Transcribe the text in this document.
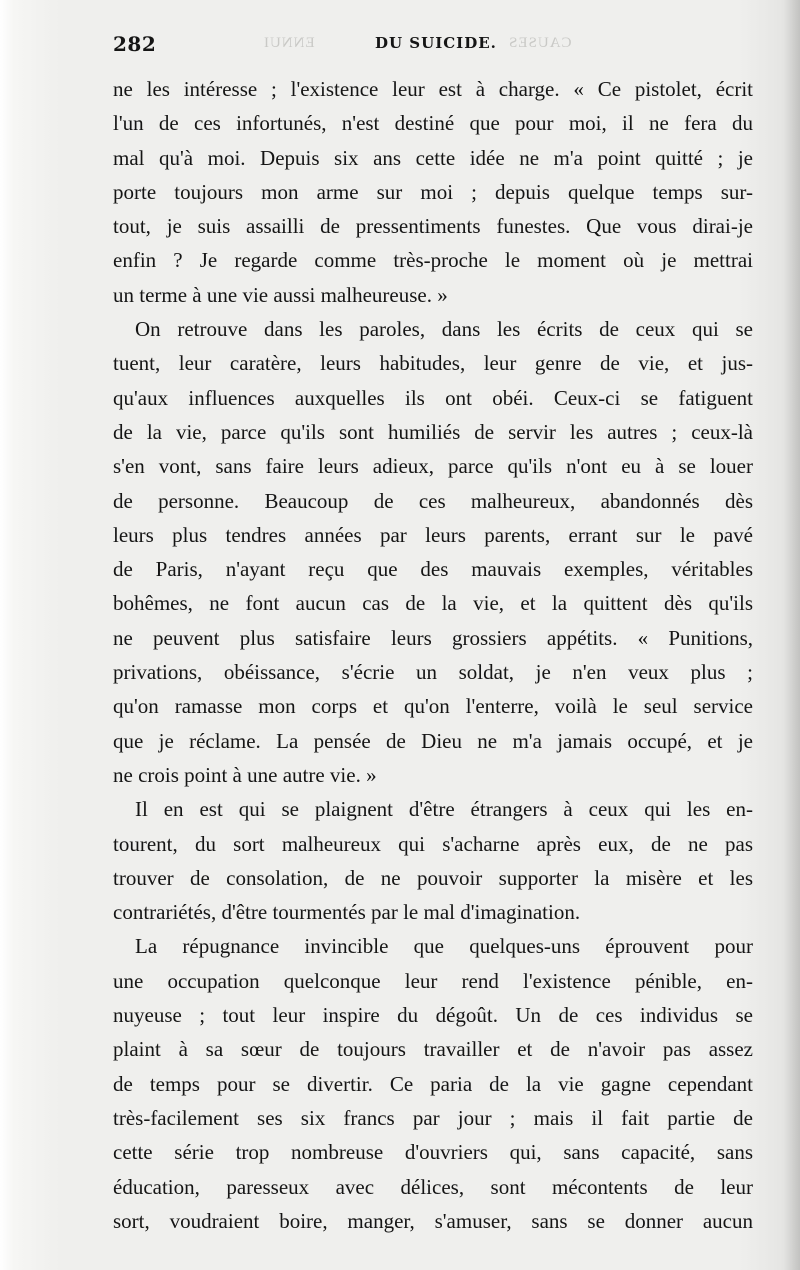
ENNUI	CAUSES
282	DU SUICIDE.
ne les intéresse ; l'existence leur est à charge. « Ce pistolet, écrit
l'un de ces infortunés, n'est destiné que pour moi, il ne fera du
mal qu'à moi. Depuis six ans cette idée ne m'a point quitté ; je
porte toujours mon arme sur moi ; depuis quelque temps sur-
tout, je suis assailli de pressentiments funestes. Que vous dirai-je
enfin ? Je regarde comme très-proche le moment où je mettrai
un terme à une vie aussi malheureuse. »
On retrouve dans les paroles, dans les écrits de ceux qui se
tuent, leur caratère, leurs habitudes, leur genre de vie, et jus-
qu'aux influences auxquelles ils ont obéi. Ceux-ci se fatiguent
de la vie, parce qu'ils sont humiliés de servir les autres ; ceux-là
s'en vont, sans faire leurs adieux, parce qu'ils n'ont eu à se louer
de personne. Beaucoup de ces malheureux, abandonnés dès
leurs plus tendres années par leurs parents, errant sur le pavé
de Paris, n'ayant reçu que des mauvais exemples, véritables
bohêmes, ne font aucun cas de la vie, et la quittent dès qu'ils
ne peuvent plus satisfaire leurs grossiers appétits. « Punitions,
privations, obéissance, s'écrie un soldat, je n'en veux plus ;
qu'on ramasse mon corps et qu'on l'enterre, voilà le seul service
que je réclame. La pensée de Dieu ne m'a jamais occupé, et je
ne crois point à une autre vie. »
Il en est qui se plaignent d'être étrangers à ceux qui les en-
tourent, du sort malheureux qui s'acharne après eux, de ne pas
trouver de consolation, de ne pouvoir supporter la misère et les
contrariétés, d'être tourmentés par le mal d'imagination.
La répugnance invincible que quelques-uns éprouvent pour
une occupation quelconque leur rend l'existence pénible, en-
nuyeuse ; tout leur inspire du dégoût. Un de ces individus se
plaint à sa sœur de toujours travailler et de n'avoir pas assez
de temps pour se divertir. Ce paria de la vie gagne cependant
très-facilement ses six francs par jour ; mais il fait partie de
cette série trop nombreuse d'ouvriers qui, sans capacité, sans
éducation, paresseux avec délices, sont mécontents de leur
sort, voudraient boire, manger, s'amuser, sans se donner aucun
